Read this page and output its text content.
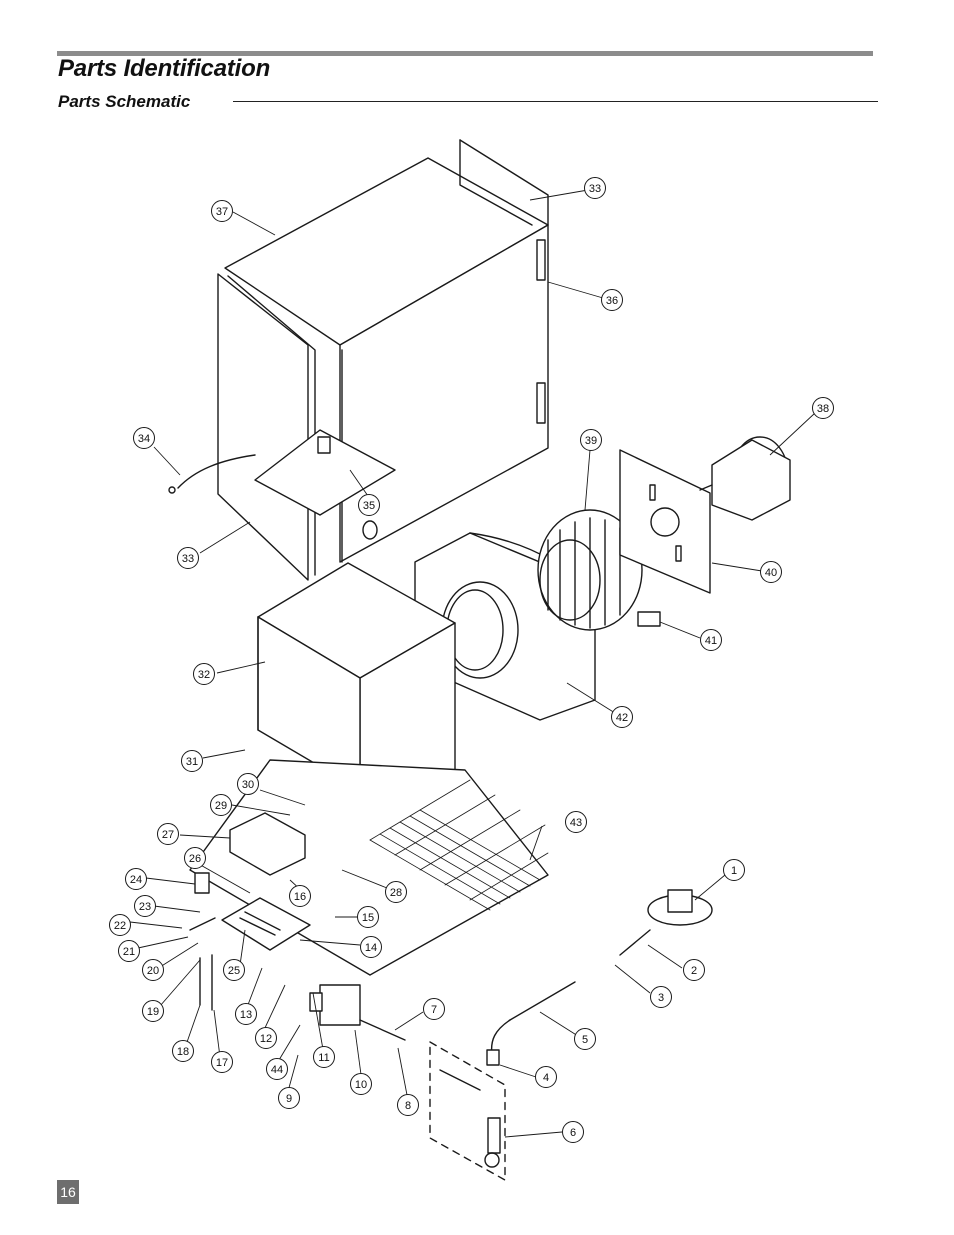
Parts Identification
Parts Schematic
1
2
3
4
5
6
7
8
9
10
11
12
13
14
15
16
17
18
19
20
21
22
23
24
25
26
27
28
29
30
31
32
33
33
34
35
36
37
38
39
40
41
42
43
44
16
